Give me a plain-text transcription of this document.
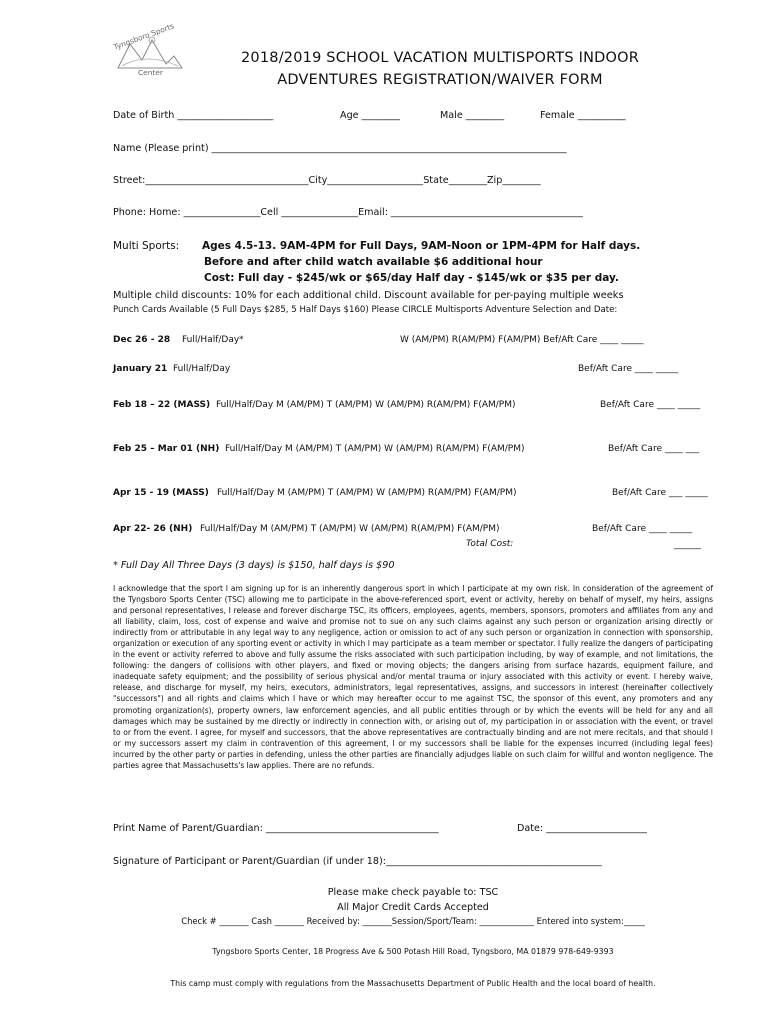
Tyngsboro Sports
Center
2018/2019 SCHOOL VACATION MULTISPORTS INDOOR
ADVENTURES REGISTRATION/WAIVER FORM
Date of Birth ____________________	Age ________	Male ________	Female __________
Name (Please print) __________________________________________________________________________
Street:__________________________________City____________________State________Zip________
Phone: Home: ________________Cell ________________Email: ________________________________________
Multi Sports: Ages 4.5-13. 9AM-4PM for Full Days, 9AM-Noon or 1PM-4PM for Half days.
Before and after child watch available $6 additional hour
Cost: Full day - $245/wk or $65/day Half day - $145/wk or $35 per day.
Multiple child discounts: 10% for each additional child. Discount available for per-paying multiple weeks
Punch Cards Available (5 Full Days $285, 5 Half Days $160) Please CIRCLE Multisports Adventure Selection and Date:
Dec 26 - 28 Full/Half/Day*	W (AM/PM) R(AM/PM) F(AM/PM) Bef/Aft Care ____ _____
January 21 Full/Half/Day	Bef/Aft Care ____ _____
Feb 18 – 22 (MASS) Full/Half/Day M (AM/PM) T (AM/PM) W (AM/PM) R(AM/PM) F(AM/PM)	Bef/Aft Care ____ _____
Feb 25 – Mar 01 (NH) Full/Half/Day M (AM/PM) T (AM/PM) W (AM/PM) R(AM/PM) F(AM/PM)	Bef/Aft Care ____ ___
Apr 15 - 19 (MASS) Full/Half/Day M (AM/PM) T (AM/PM) W (AM/PM) R(AM/PM) F(AM/PM)	Bef/Aft Care ___ _____
Apr 22- 26 (NH) Full/Half/Day M (AM/PM) T (AM/PM) W (AM/PM) R(AM/PM) F(AM/PM)	Bef/Aft Care ____ _____
Total Cost:	______
* Full Day All Three Days (3 days) is $150, half days is $90
I acknowledge that the sport I am signing up for is an inherently dangerous sport in which I participate at my own risk. In consideration of the agreement of the Tyngsboro Sports Center (TSC) allowing me to participate in the above-referenced sport, event or activity, hereby on behalf of myself, my heirs, assigns and personal representatives, I release and forever discharge TSC, its officers, employees, agents, members, sponsors, promoters and affiliates from any and all liability, claim, loss, cost of expense and waive and promise not to sue on any such claims against any such person or organization arising directly or indirectly from or attributable in any legal way to any negligence, action or omission to act of any such person or organization in connection with sponsorship, organization or execution of any sporting event or activity in which I may participate as a team member or spectator. I fully realize the dangers of participating in the event or activity referred to above and fully assume the risks associated with such participation including, by way of example, and not limitations, the following: the dangers of collisions with other players, and fixed or moving objects; the dangers arising from surface hazards, equipment failure, and inadequate safety equipment; and the possibility of serious physical and/or mental trauma or injury associated with this activity or event. I hereby waive, release, and discharge for myself, my heirs, executors, administrators, legal representatives, assigns, and successors in interest (hereinafter collectively "successors") and all rights and claims which I have or which may hereafter occur to me against TSC, the sponsor of this event, any promoters and any promoting organization(s), property owners, law enforcement agencies, and all public entities through or by which the events will be held for any and all damages which may be sustained by me directly or indirectly in connection with, or arising out of, my participation in or association with the event, or travel to or from the event. I agree, for myself and successors, that the above representatives are contractually binding and are not mere recitals, and that should I or my successors assert my claim in contravention of this agreement, I or my successors shall be liable for the expenses incurred (including legal fees) incurred by the other party or parties in defending, unless the other parties are financially adjudges liable on such claim for willful and wonton negligence. The parties agree that Massachusetts's law applies. There are no refunds.
Print Name of Parent/Guardian: ____________________________________	Date: _____________________
Signature of Participant or Parent/Guardian (if under 18):_____________________________________________
Please make check payable to: TSC
All Major Credit Cards Accepted
Check # _______ Cash _______ Received by: _______Session/Sport/Team: _____________ Entered into system:_____
Tyngsboro Sports Center, 18 Progress Ave & 500 Potash Hill Road, Tyngsboro, MA 01879 978-649-9393
This camp must comply with regulations from the Massachusetts Department of Public Health and the local board of health.
